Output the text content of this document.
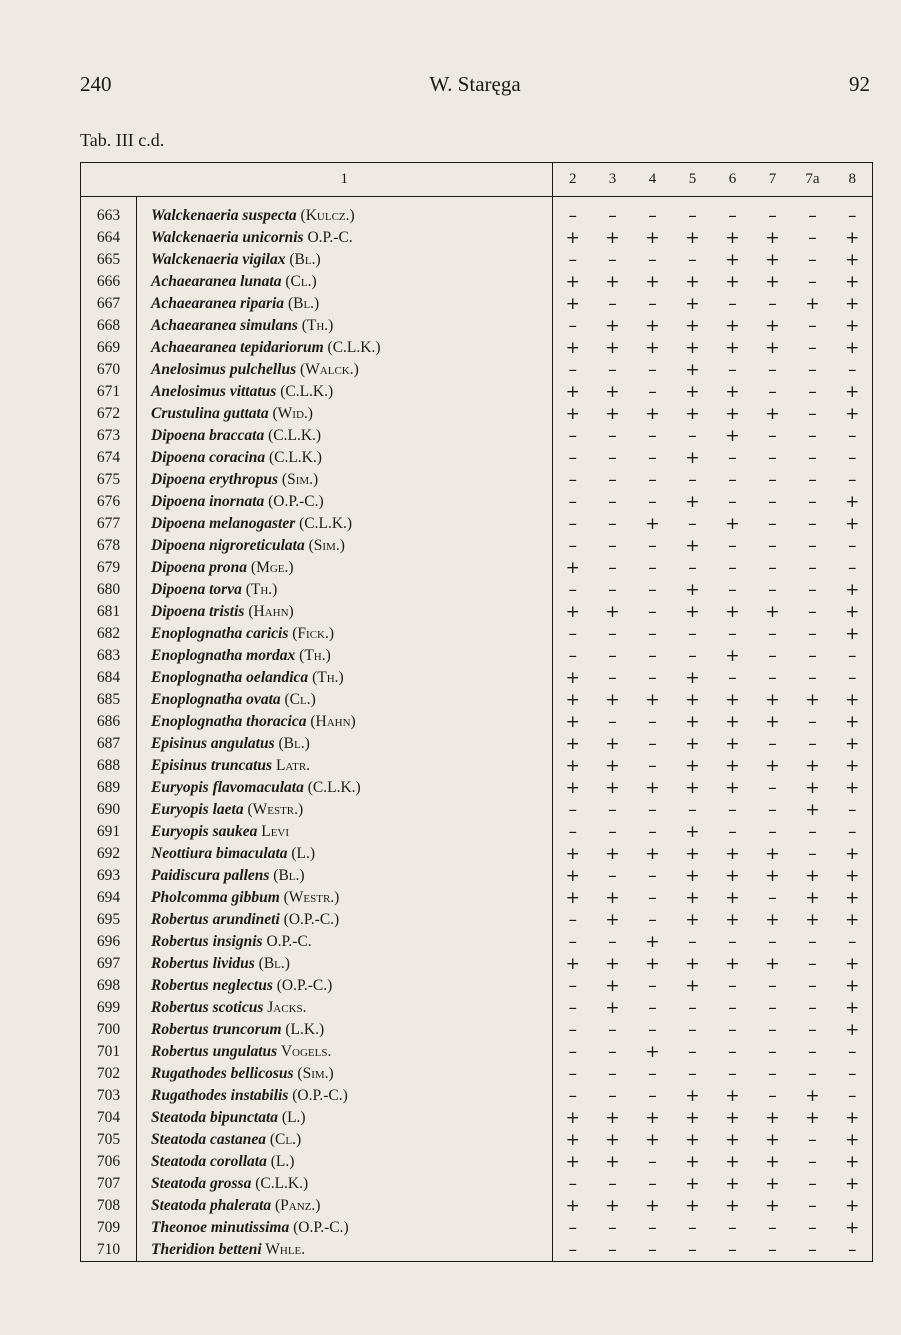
240	W. Staręga	92
Tab. III c.d.
	1	2	3	4	5	6	7	7a	8
663	Walckenaeria suspecta (Kulcz.)	–	–	–	–	–	–	–	–
664	Walckenaeria unicornis O.P.-C.	+	+	+	+	+	+	–	+
665	Walckenaeria vigilax (Bl.)	–	–	–	–	+	+	–	+
666	Achaearanea lunata (Cl.)	+	+	+	+	+	+	–	+
667	Achaearanea riparia (Bl.)	+	–	–	+	–	–	+	+
668	Achaearanea simulans (Th.)	–	+	+	+	+	+	–	+
669	Achaearanea tepidariorum (C.L.K.)	+	+	+	+	+	+	–	+
670	Anelosimus pulchellus (Walck.)	–	–	–	+	–	–	–	–
671	Anelosimus vittatus (C.L.K.)	+	+	–	+	+	–	–	+
672	Crustulina guttata (Wid.)	+	+	+	+	+	+	–	+
673	Dipoena braccata (C.L.K.)	–	–	–	–	+	–	–	–
674	Dipoena coracina (C.L.K.)	–	–	–	+	–	–	–	–
675	Dipoena erythropus (Sim.)	–	–	–	–	–	–	–	–
676	Dipoena inornata (O.P.-C.)	–	–	–	+	–	–	–	+
677	Dipoena melanogaster (C.L.K.)	–	–	+	–	+	–	–	+
678	Dipoena nigroreticulata (Sim.)	–	–	–	+	–	–	–	–
679	Dipoena prona (Mge.)	+	–	–	–	–	–	–	–
680	Dipoena torva (Th.)	–	–	–	+	–	–	–	+
681	Dipoena tristis (Hahn)	+	+	–	+	+	+	–	+
682	Enoplognatha caricis (Fick.)	–	–	–	–	–	–	–	+
683	Enoplognatha mordax (Th.)	–	–	–	–	+	–	–	–
684	Enoplognatha oelandica (Th.)	+	–	–	+	–	–	–	–
685	Enoplognatha ovata (Cl.)	+	+	+	+	+	+	+	+
686	Enoplognatha thoracica (Hahn)	+	–	–	+	+	+	–	+
687	Episinus angulatus (Bl.)	+	+	–	+	+	–	–	+
688	Episinus truncatus Latr.	+	+	–	+	+	+	+	+
689	Euryopis flavomaculata (C.L.K.)	+	+	+	+	+	–	+	+
690	Euryopis laeta (Westr.)	–	–	–	–	–	–	+	–
691	Euryopis saukea Levi	–	–	–	+	–	–	–	–
692	Neottiura bimaculata (L.)	+	+	+	+	+	+	–	+
693	Paidiscura pallens (Bl.)	+	–	–	+	+	+	+	+
694	Pholcomma gibbum (Westr.)	+	+	–	+	+	–	+	+
695	Robertus arundineti (O.P.-C.)	–	+	–	+	+	+	+	+
696	Robertus insignis O.P.-C.	–	–	+	–	–	–	–	–
697	Robertus lividus (Bl.)	+	+	+	+	+	+	–	+
698	Robertus neglectus (O.P.-C.)	–	+	–	+	–	–	–	+
699	Robertus scoticus Jacks.	–	+	–	–	–	–	–	+
700	Robertus truncorum (L.K.)	–	–	–	–	–	–	–	+
701	Robertus ungulatus Vogels.	–	–	+	–	–	–	–	–
702	Rugathodes bellicosus (Sim.)	–	–	–	–	–	–	–	–
703	Rugathodes instabilis (O.P.-C.)	–	–	–	+	+	–	+	–
704	Steatoda bipunctata (L.)	+	+	+	+	+	+	+	+
705	Steatoda castanea (Cl.)	+	+	+	+	+	+	–	+
706	Steatoda corollata (L.)	+	+	–	+	+	+	–	+
707	Steatoda grossa (C.L.K.)	–	–	–	+	+	+	–	+
708	Steatoda phalerata (Panz.)	+	+	+	+	+	+	–	+
709	Theonoe minutissima (O.P.-C.)	–	–	–	–	–	–	–	+
710	Theridion betteni Whle.	–	–	–	–	–	–	–	–
